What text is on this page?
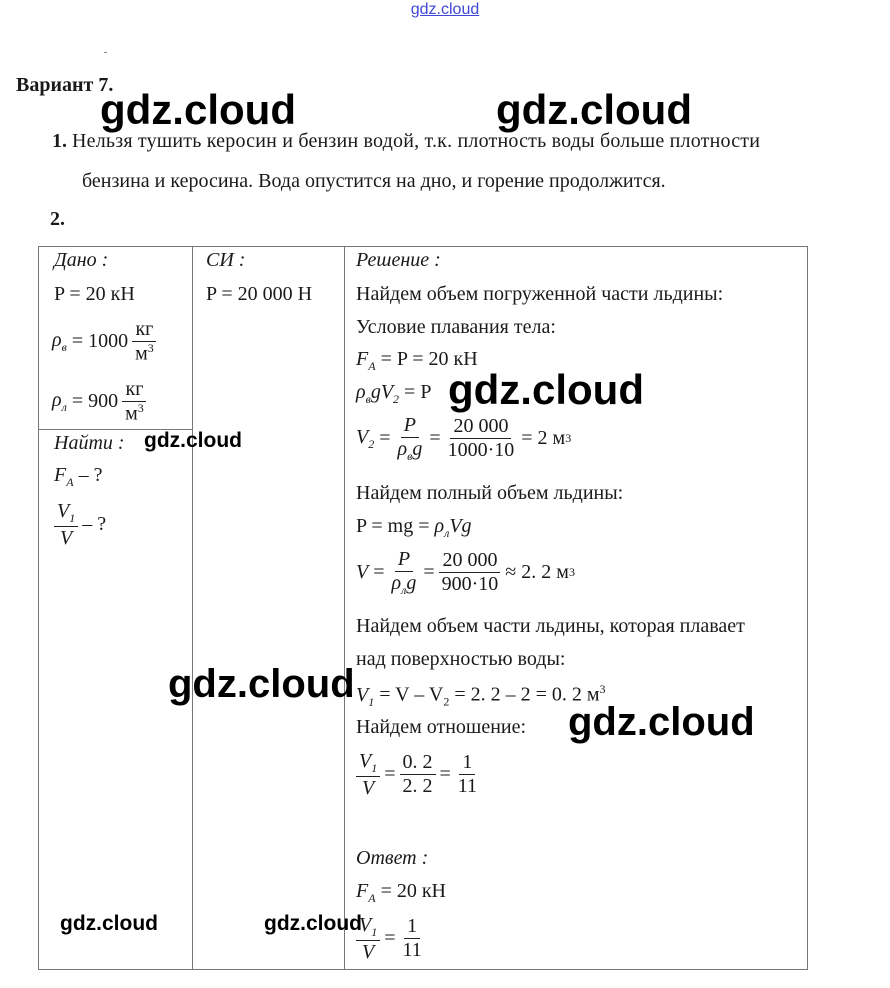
gdz.cloud
Вариант 7.
1. Нельзя тушить керосин и бензин водой, т.к. плотность воды больше плотности
бензина и керосина. Вода опустится на дно, и горение продолжится.
2.
Дано :
P = 20 кН
$\rho_в$
= $1000 \frac{кг}{м^3}$
$\rho_л$
= $900 \frac{кг}{м^3}$
Найти :
$F_A$ – ?
$\frac{V_1}{V}$ – ?
СИ :
P = 20 000 Н
Решение :
Найдем объем погруженной части льдины:
Условие плавания тела:
$F_A = P = 20$ кН
$\rho_вgV_2 = P$
$V_2 = \frac{P}{\rho_вg} = \frac{20 000}{1000\cdot 10} = 2$ м 3
Найдем полный объем льдины:
P = mg = $\rho_лVg$
$V = \frac{P}{\rho_лg} = \frac{20 000}{900\cdot 10} \approx 2$. 2 м 3
Найдем объем части льдины, которая плавает
над поверхностью воды:
$V_1 = V - V_2 = 2$. 2 – 2 = 0. 2 $м^3$
Найдем отношение:
$\frac{V_1}{V} = \frac{0. 2}{2. 2} = \frac{1}{11}$
Ответ :
$F_A = 20$ кН
$\frac{V_1}{V} = \frac{1}{11}$
gdz.cloud	gdz.cloud
gdz.cloud
gdz.cloud
gdz.cloud
gdz.cloud
gdz.cloud	gdz.cloud
